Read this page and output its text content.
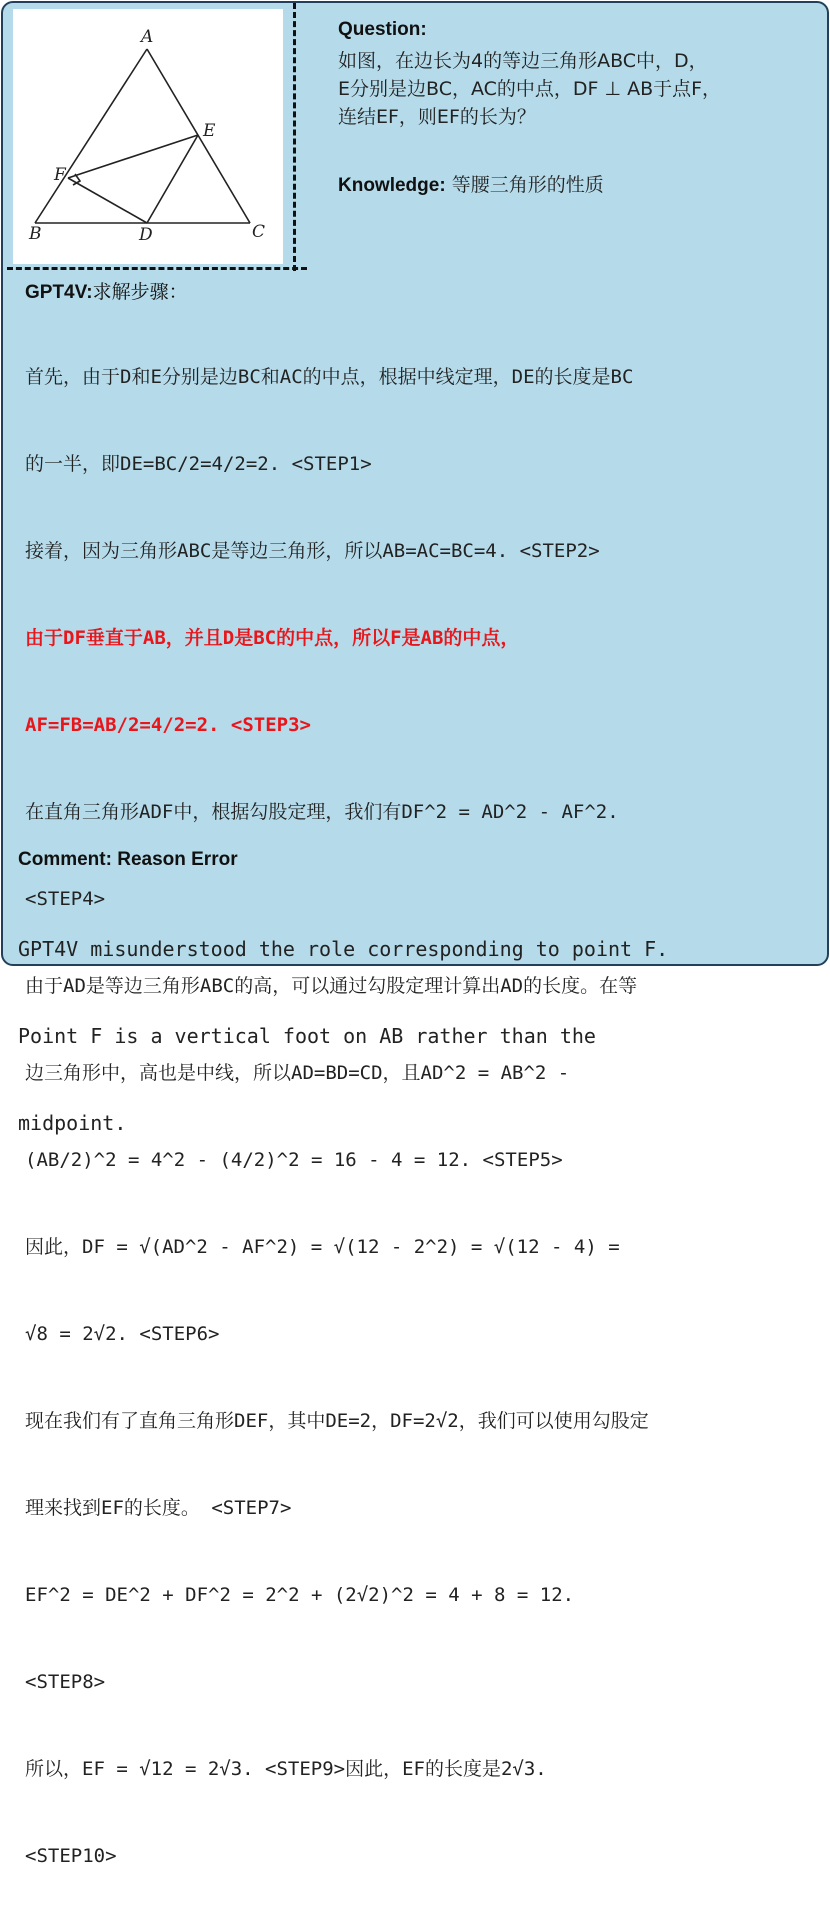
A
E
F
B	D	C
Question:
如图，在边长为4的等边三角形ABC中，D，
E分别是边BC，AC的中点，DF ⊥ AB于点F，
连结EF，则EF的长为？
Knowledge: 等腰三角形的性质
GPT4V:求解步骤：

首先，由于D和E分别是边BC和AC的中点，根据中线定理，DE的长度是BC

的一半，即DE=BC/2=4/2=2. <STEP1>

接着，因为三角形ABC是等边三角形，所以AB=AC=BC=4. <STEP2>

由于DF垂直于AB，并且D是BC的中点，所以F是AB的中点，

AF=FB=AB/2=4/2=2. <STEP3>

在直角三角形ADF中，根据勾股定理，我们有DF^2 = AD^2 - AF^2.

<STEP4>

由于AD是等边三角形ABC的高，可以通过勾股定理计算出AD的长度。在等

边三角形中，高也是中线，所以AD=BD=CD，且AD^2 = AB^2 -

(AB/2)^2 = 4^2 - (4/2)^2 = 16 - 4 = 12. <STEP5>

因此，DF = √(AD^2 - AF^2) = √(12 - 2^2) = √(12 - 4) =

√8 = 2√2. <STEP6>

现在我们有了直角三角形DEF，其中DE=2，DF=2√2，我们可以使用勾股定

理来找到EF的长度。 <STEP7>

EF^2 = DE^2 + DF^2 = 2^2 + (2√2)^2 = 4 + 8 = 12.

<STEP8>

所以，EF = √12 = 2√3. <STEP9>因此，EF的长度是2√3.

<STEP10>

Comment: Reason Error

GPT4V misunderstood the role corresponding to point F.

Point F is a vertical foot on AB rather than the

midpoint.
